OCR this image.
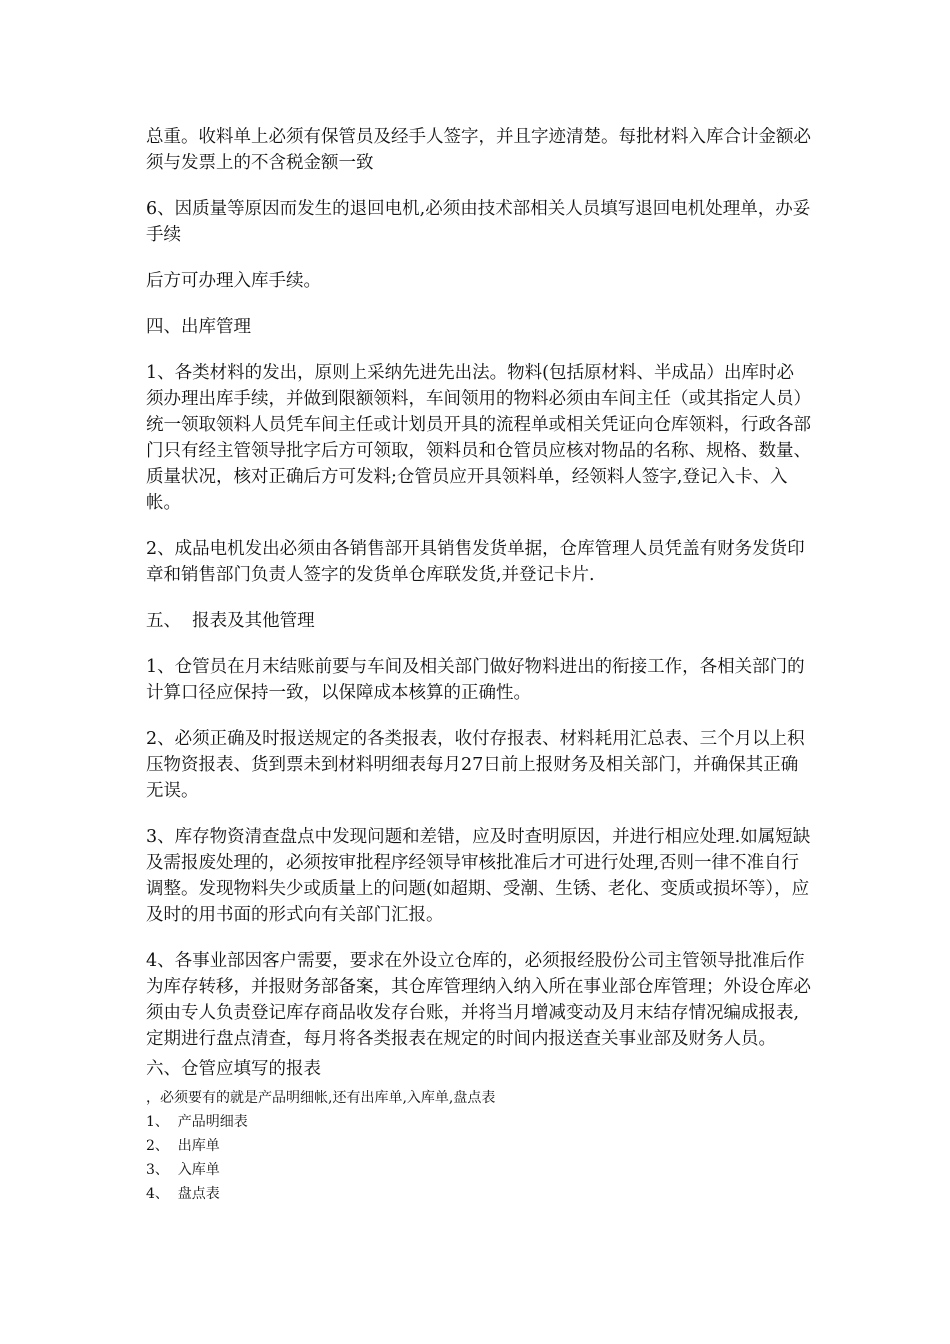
总重。收料单上必须有保管员及经手人签字，并且字迹清楚。每批材料入库合计金额必须与发票上的不含税金额一致

6、因质量等原因而发生的退回电机,必须由技术部相关人员填写退回电机处理单，办妥手续

后方可办理入库手续。

四、出库管理

1、各类材料的发出，原则上采纳先进先出法。物料(包括原材料、半成品）出库时必须办理出库手续，并做到限额领料，车间领用的物料必须由车间主任（或其指定人员）统一领取领料人员凭车间主任或计划员开具的流程单或相关凭证向仓库领料，行政各部门只有经主管领导批字后方可领取，领料员和仓管员应核对物品的名称、规格、数量、质量状况，核对正确后方可发料;仓管员应开具领料单，经领料人签字,登记入卡、入帐。

2、成品电机发出必须由各销售部开具销售发货单据，仓库管理人员凭盖有财务发货印章和销售部门负责人签字的发货单仓库联发货,并登记卡片.

五、  报表及其他管理

1、仓管员在月末结账前要与车间及相关部门做好物料进出的衔接工作，各相关部门的计算口径应保持一致，以保障成本核算的正确性。

2、必须正确及时报送规定的各类报表，收付存报表、材料耗用汇总表、三个月以上积压物资报表、货到票未到材料明细表每月27日前上报财务及相关部门，并确保其正确无误。

3、库存物资清查盘点中发现问题和差错，应及时查明原因，并进行相应处理.如属短缺及需报废处理的，必须按审批程序经领导审核批准后才可进行处理,否则一律不准自行调整。发现物料失少或质量上的问题(如超期、受潮、生锈、老化、变质或损坏等），应及时的用书面的形式向有关部门汇报。

4、各事业部因客户需要，要求在外设立仓库的，必须报经股份公司主管领导批准后作为库存转移，并报财务部备案，其仓库管理纳入纳入所在事业部仓库管理；外设仓库必须由专人负责登记库存商品收发存台账，并将当月增减变动及月末结存情况编成报表,定期进行盘点清查，每月将各类报表在规定的时间内报送查关事业部及财务人员。

六、仓管应填写的报表

，必须要有的就是产品明细帐,还有出库单,入库单,盘点表

1、  产品明细表

2、  出库单

3、  入库单

4、  盘点表
